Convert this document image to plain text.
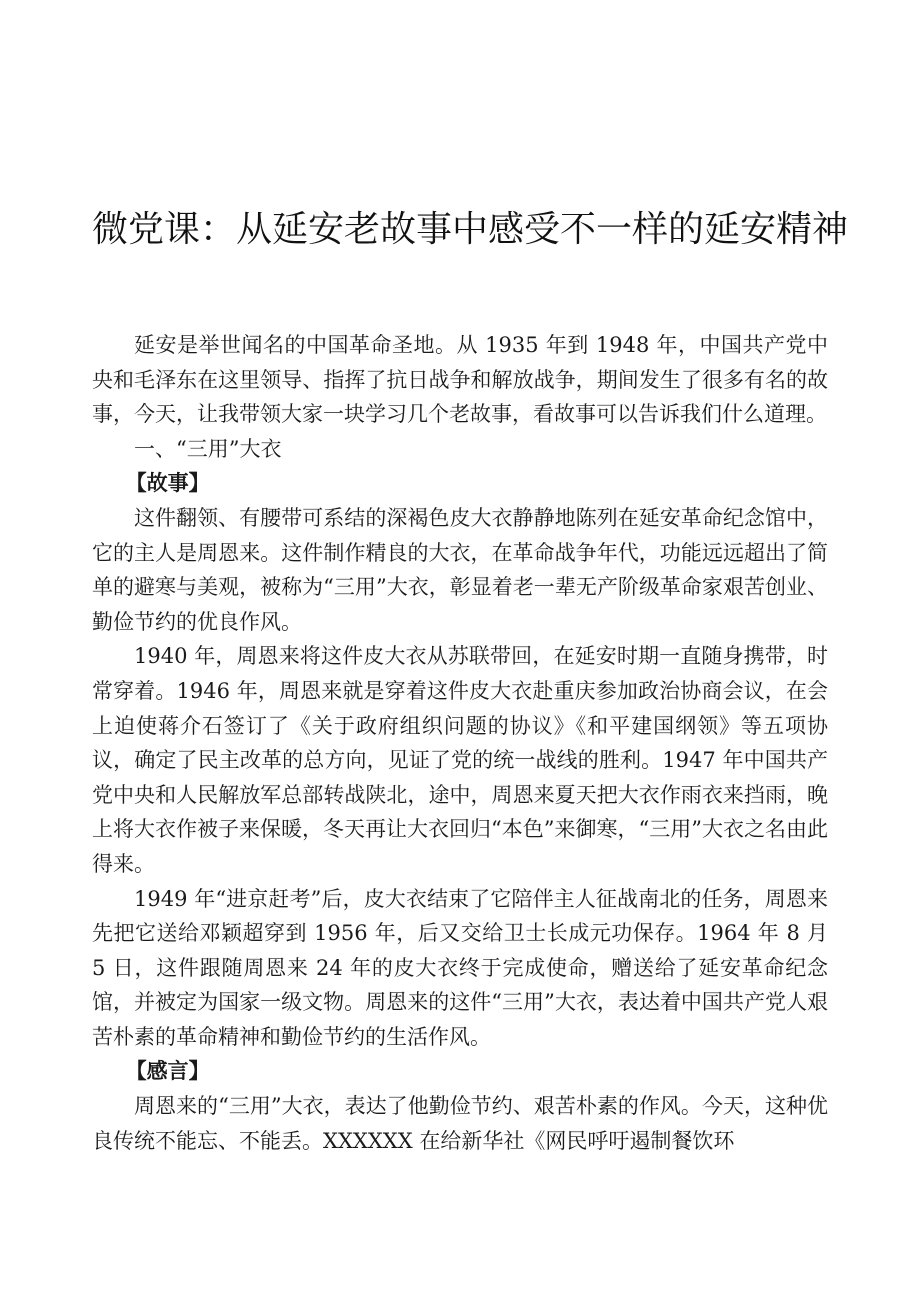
微党课：从延安老故事中感受不一样的延安精神

延安是举世闻名的中国革命圣地。从 1935 年到 1948 年，中国共产党中央和毛泽东在这里领导、指挥了抗日战争和解放战争，期间发生了很多有名的故事，今天，让我带领大家一块学习几个老故事，看故事可以告诉我们什么道理。

一、“三用”大衣

【故事】

这件翻领、有腰带可系结的深褐色皮大衣静静地陈列在延安革命纪念馆中，它的主人是周恩来。这件制作精良的大衣，在革命战争年代，功能远远超出了简单的避寒与美观，被称为“三用”大衣，彰显着老一辈无产阶级革命家艰苦创业、勤俭节约的优良作风。

1940 年，周恩来将这件皮大衣从苏联带回，在延安时期一直随身携带，时常穿着。1946 年，周恩来就是穿着这件皮大衣赴重庆参加政治协商会议，在会上迫使蒋介石签订了《关于政府组织问题的协议》《和平建国纲领》等五项协议，确定了民主改革的总方向，见证了党的统一战线的胜利。1947 年中国共产党中央和人民解放军总部转战陕北，途中，周恩来夏天把大衣作雨衣来挡雨，晚上将大衣作被子来保暖，冬天再让大衣回归“本色”来御寒，“三用”大衣之名由此得来。

1949 年“进京赶考”后，皮大衣结束了它陪伴主人征战南北的任务，周恩来先把它送给邓颖超穿到 1956 年，后又交给卫士长成元功保存。1964 年 8 月 5 日，这件跟随周恩来 24 年的皮大衣终于完成使命，赠送给了延安革命纪念馆，并被定为国家一级文物。周恩来的这件“三用”大衣，表达着中国共产党人艰苦朴素的革命精神和勤俭节约的生活作风。

【感言】

周恩来的“三用”大衣，表达了他勤俭节约、艰苦朴素的作风。今天，这种优良传统不能忘、不能丢。XXXXXX 在给新华社《网民呼吁遏制餐饮环
